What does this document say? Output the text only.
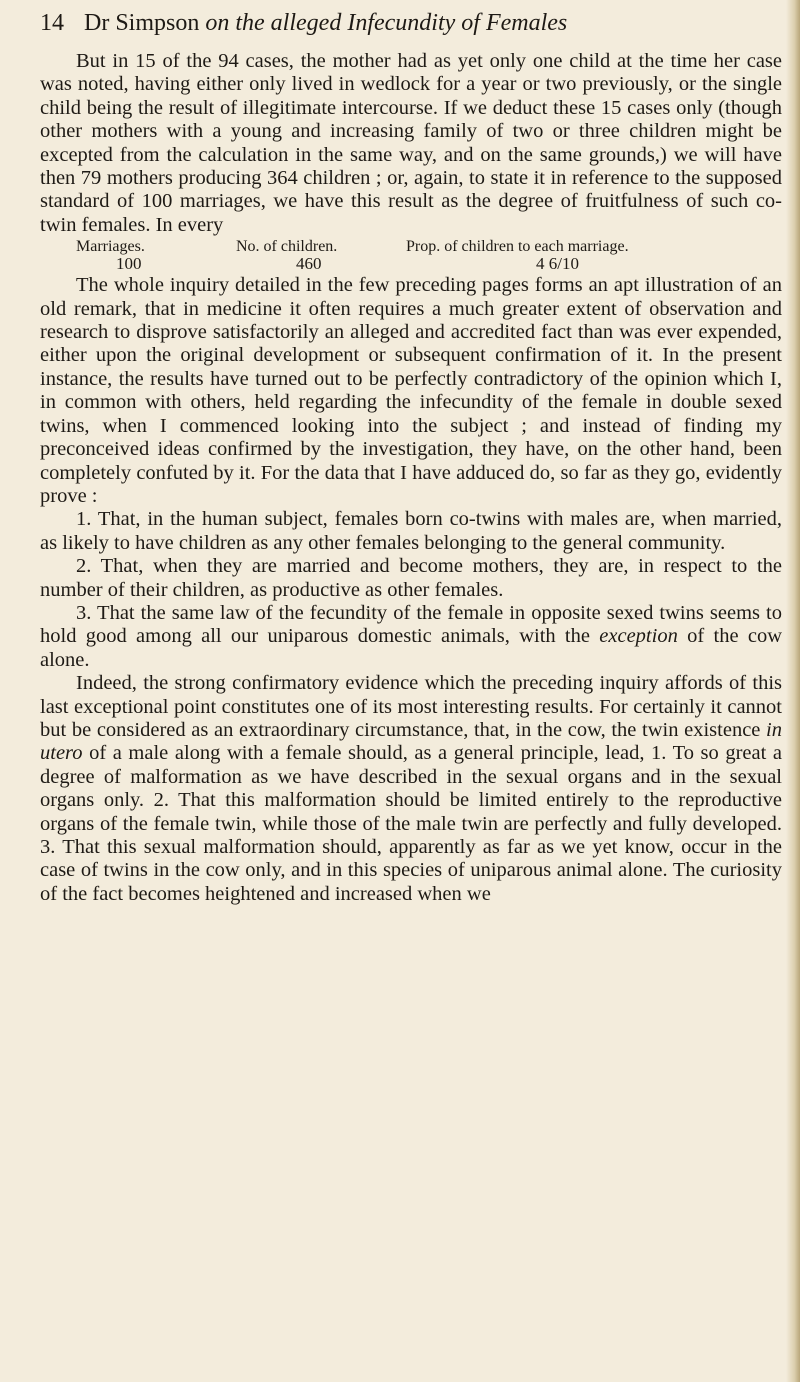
14 Dr Simpson on the alleged Infecundity of Females

But in 15 of the 94 cases, the mother had as yet only one child at the time her case was noted, having either only lived in wedlock for a year or two previously, or the single child being the result of illegitimate intercourse. If we deduct these 15 cases only (though other mothers with a young and increasing family of two or three children might be excepted from the calculation in the same way, and on the same grounds,) we will have then 79 mothers producing 364 children ; or, again, to state it in reference to the supposed standard of 100 marriages, we have this result as the degree of fruitfulness of such co-twin females. In every

Marriages.	No. of children.	Prop. of children to each marriage.
100	460	4 6/10

The whole inquiry detailed in the few preceding pages forms an apt illustration of an old remark, that in medicine it often requires a much greater extent of observation and research to disprove satisfactorily an alleged and accredited fact than was ever expended, either upon the original development or subsequent confirmation of it. In the present instance, the results have turned out to be perfectly contradictory of the opinion which I, in common with others, held regarding the infecundity of the female in double sexed twins, when I commenced looking into the subject ; and instead of finding my preconceived ideas confirmed by the investigation, they have, on the other hand, been completely confuted by it. For the data that I have adduced do, so far as they go, evidently prove :

1. That, in the human subject, females born co-twins with males are, when married, as likely to have children as any other females belonging to the general community.

2. That, when they are married and become mothers, they are, in respect to the number of their children, as productive as other females.

3. That the same law of the fecundity of the female in opposite sexed twins seems to hold good among all our uniparous domestic animals, with the exception of the cow alone.

Indeed, the strong confirmatory evidence which the preceding inquiry affords of this last exceptional point constitutes one of its most interesting results. For certainly it cannot but be considered as an extraordinary circumstance, that, in the cow, the twin existence in utero of a male along with a female should, as a general principle, lead, 1. To so great a degree of malformation as we have described in the sexual organs and in the sexual organs only. 2. That this malformation should be limited entirely to the reproductive organs of the female twin, while those of the male twin are perfectly and fully developed. 3. That this sexual malformation should, apparently as far as we yet know, occur in the case of twins in the cow only, and in this species of uniparous animal alone. The curiosity of the fact becomes heightened and increased when we
